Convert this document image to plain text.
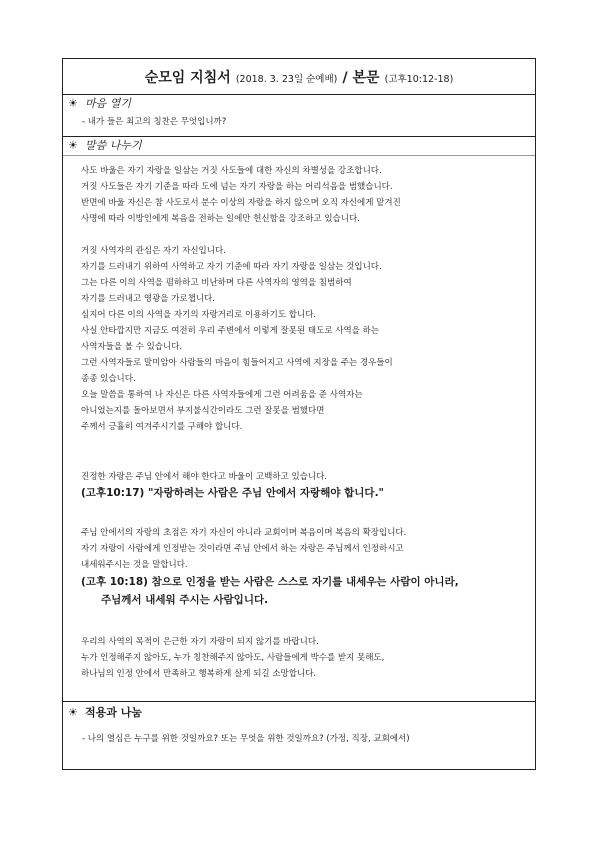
순모임 지침서 (2018. 3. 23일 순예배) / 본문 (고후10:12-18)
☀ 마음 열기
- 내가 들은 최고의 칭찬은 무엇입니까?
☀ 말씀 나누기
사도 바울은 자기 자랑을 일삼는 거짓 사도들에 대한 자신의 차별성을 강조합니다.
거짓 사도들은 자기 기준을 따라 도에 넘는 자기 자랑을 하는 어리석음을 범했습니다.
반면에 바울 자신은 참 사도로서 분수 이상의 자랑을 하지 않으며 오직 자신에게 맡겨진
사명에 따라 이방인에게 복음을 전하는 일에만 헌신함을 강조하고 있습니다.
거짓 사역자의 관심은 자기 자신입니다.
자기를 드러내기 위하여 사역하고 자기 기준에 따라 자기 자랑을 일삼는 것입니다.
그는 다른 이의 사역을 폄하하고 비난하며 다른 사역자의 영역을 침범하여
자기를 드러내고 영광을 가로챕니다.
심지어 다른 이의 사역을 자기의 자랑거리로 이용하기도 합니다.
사실 안타깝지만 지금도 여전히 우리 주변에서 이렇게 잘못된 태도로 사역을 하는
사역자들을 볼 수 있습니다.
그런 사역자들로 말미암아 사람들의 마음이 힘들어지고 사역에 지장을 주는 경우들이
종종 있습니다.
오늘 말씀을 통하여 나 자신은 다른 사역자들에게 그런 어려움을 준 사역자는
아니었는지를 돌아보면서 부지불식간이라도 그런 잘못을 범했다면
주께서 긍휼히 여겨주시기를 구해야 합니다.
진정한 자랑은 주님 안에서 해야 한다고 바울이 고백하고 있습니다.
(고후10:17) "자랑하려는 사람은 주님 안에서 자랑해야 합니다."
주님 안에서의 자랑의 초점은 자기 자신이 아니라 교회이며 복음이며 복음의 확장입니다.
자기 자랑이 사람에게 인정받는 것이라면 주님 안에서 하는 자랑은 주님께서 인정하시고
내세워주시는 것을 말합니다.
(고후 10:18) 참으로 인정을 받는 사람은 스스로 자기를 내세우는 사람이 아니라,
주님께서 내세워 주시는 사람입니다.
우리의 사역의 목적이 은근한 자기 자랑이 되지 않기를 바랍니다.
누가 인정해주지 않아도, 누가 칭찬해주지 않아도, 사람들에게 박수를 받지 못해도,
하나님의 인정 안에서 만족하고 행복하게 살게 되길 소망합니다.
☀ 적용과 나눔
- 나의 열심은 누구를 위한 것일까요? 또는 무엇을 위한 것일까요? (가정, 직장, 교회에서)
